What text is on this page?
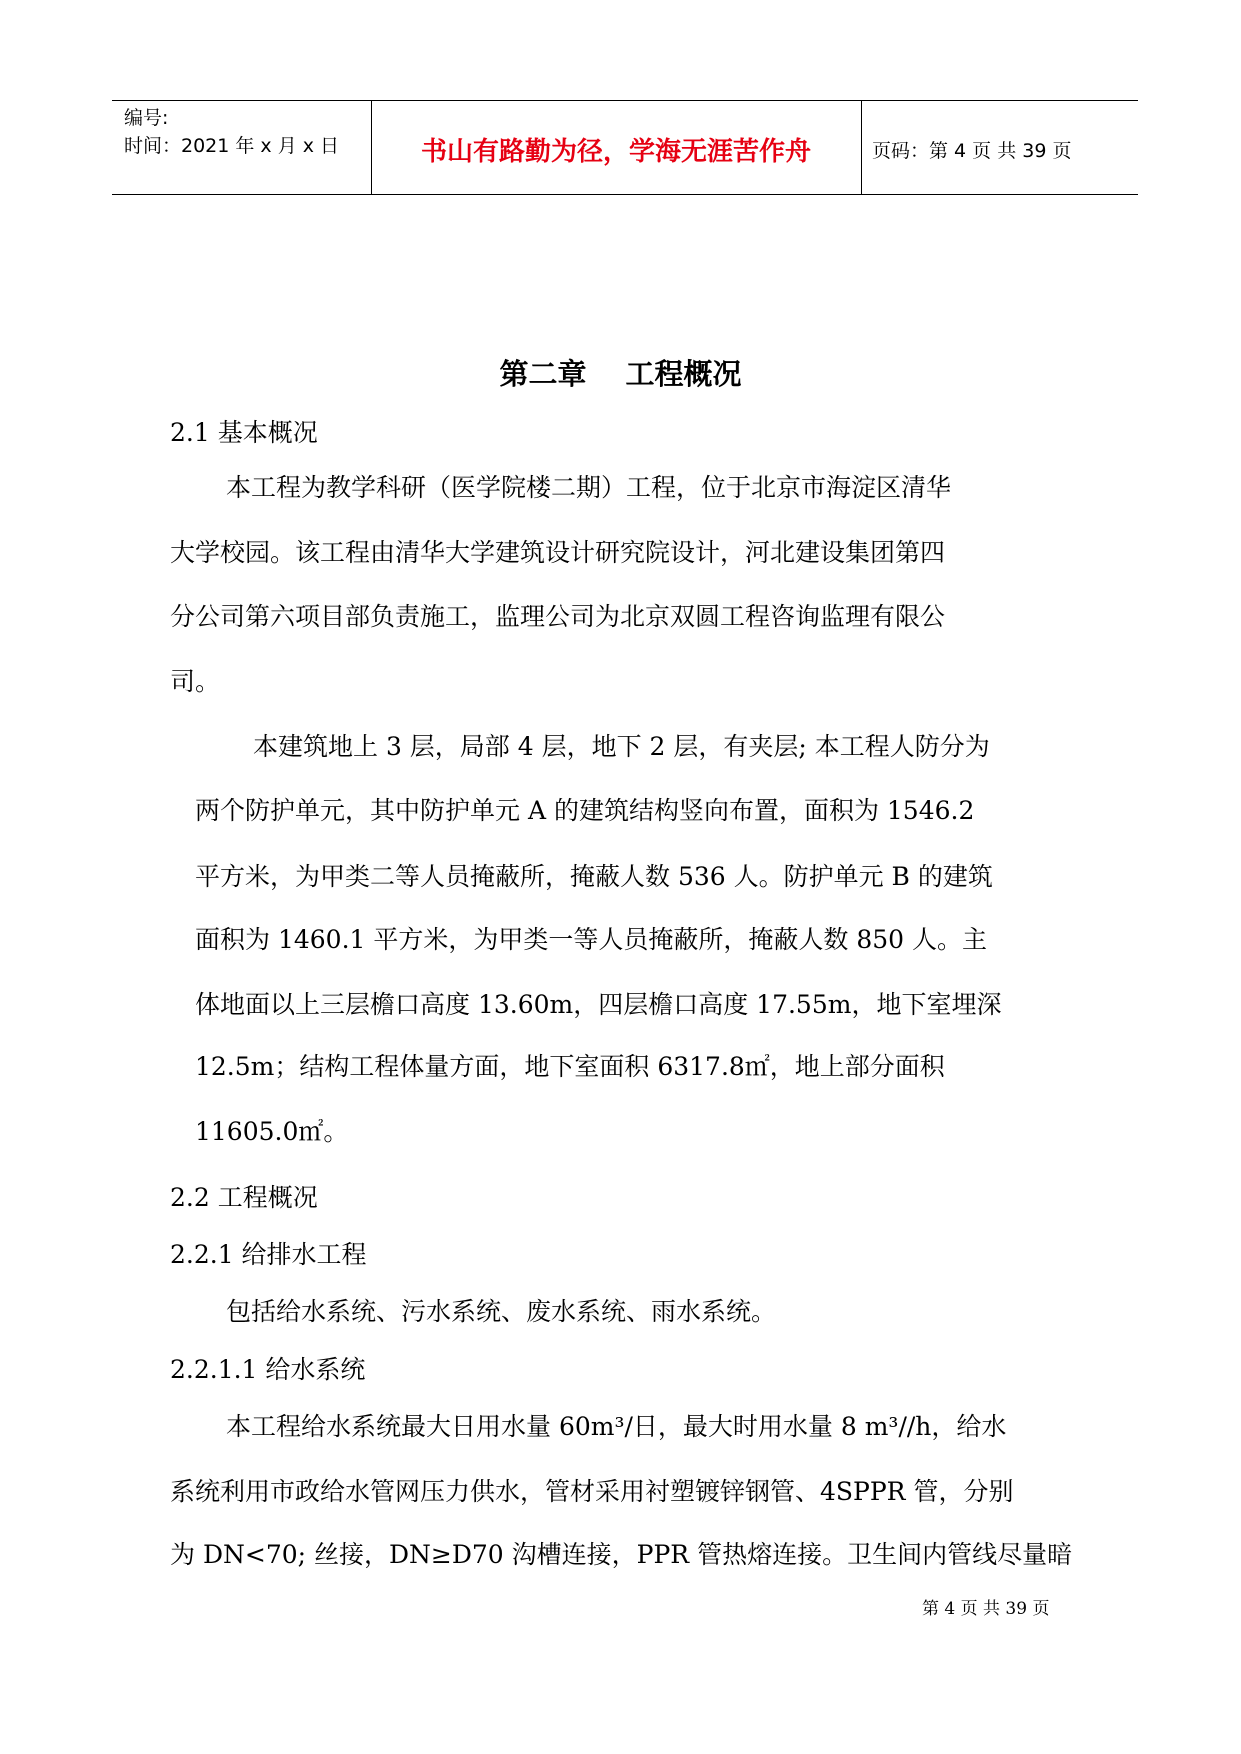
编号:
时间：2021 年 x 月 x 日	书山有路勤为径，学海无涯苦作舟	页码：第 4 页 共 39 页
第二章　 工程概况
2.1 基本概况
本工程为教学科研（医学院楼二期）工程，位于北京市海淀区清华
大学校园。该工程由清华大学建筑设计研究院设计，河北建设集团第四
分公司第六项目部负责施工，监理公司为北京双圆工程咨询监理有限公
司。
本建筑地上 3 层，局部 4 层，地下 2 层，有夹层; 本工程人防分为
两个防护单元，其中防护单元 A 的建筑结构竖向布置，面积为 1546.2
平方米，为甲类二等人员掩蔽所，掩蔽人数 536 人。防护单元 B 的建筑
面积为 1460.1 平方米，为甲类一等人员掩蔽所，掩蔽人数 850 人。主
体地面以上三层檐口高度 13.60m，四层檐口高度 17.55m，地下室埋深
12.5m；结构工程体量方面，地下室面积 6317.8㎡，地上部分面积
11605.0㎡。
2.2 工程概况
2.2.1 给排水工程
包括给水系统、污水系统、废水系统、雨水系统。
2.2.1.1 给水系统
本工程给水系统最大日用水量 60m³/日，最大时用水量 8 m³//h，给水
系统利用市政给水管网压力供水，管材采用衬塑镀锌钢管、4SPPR 管，分别
为 DN<70; 丝接，DN≥D70 沟槽连接，PPR 管热熔连接。卫生间内管线尽量暗
第 4 页 共 39 页
